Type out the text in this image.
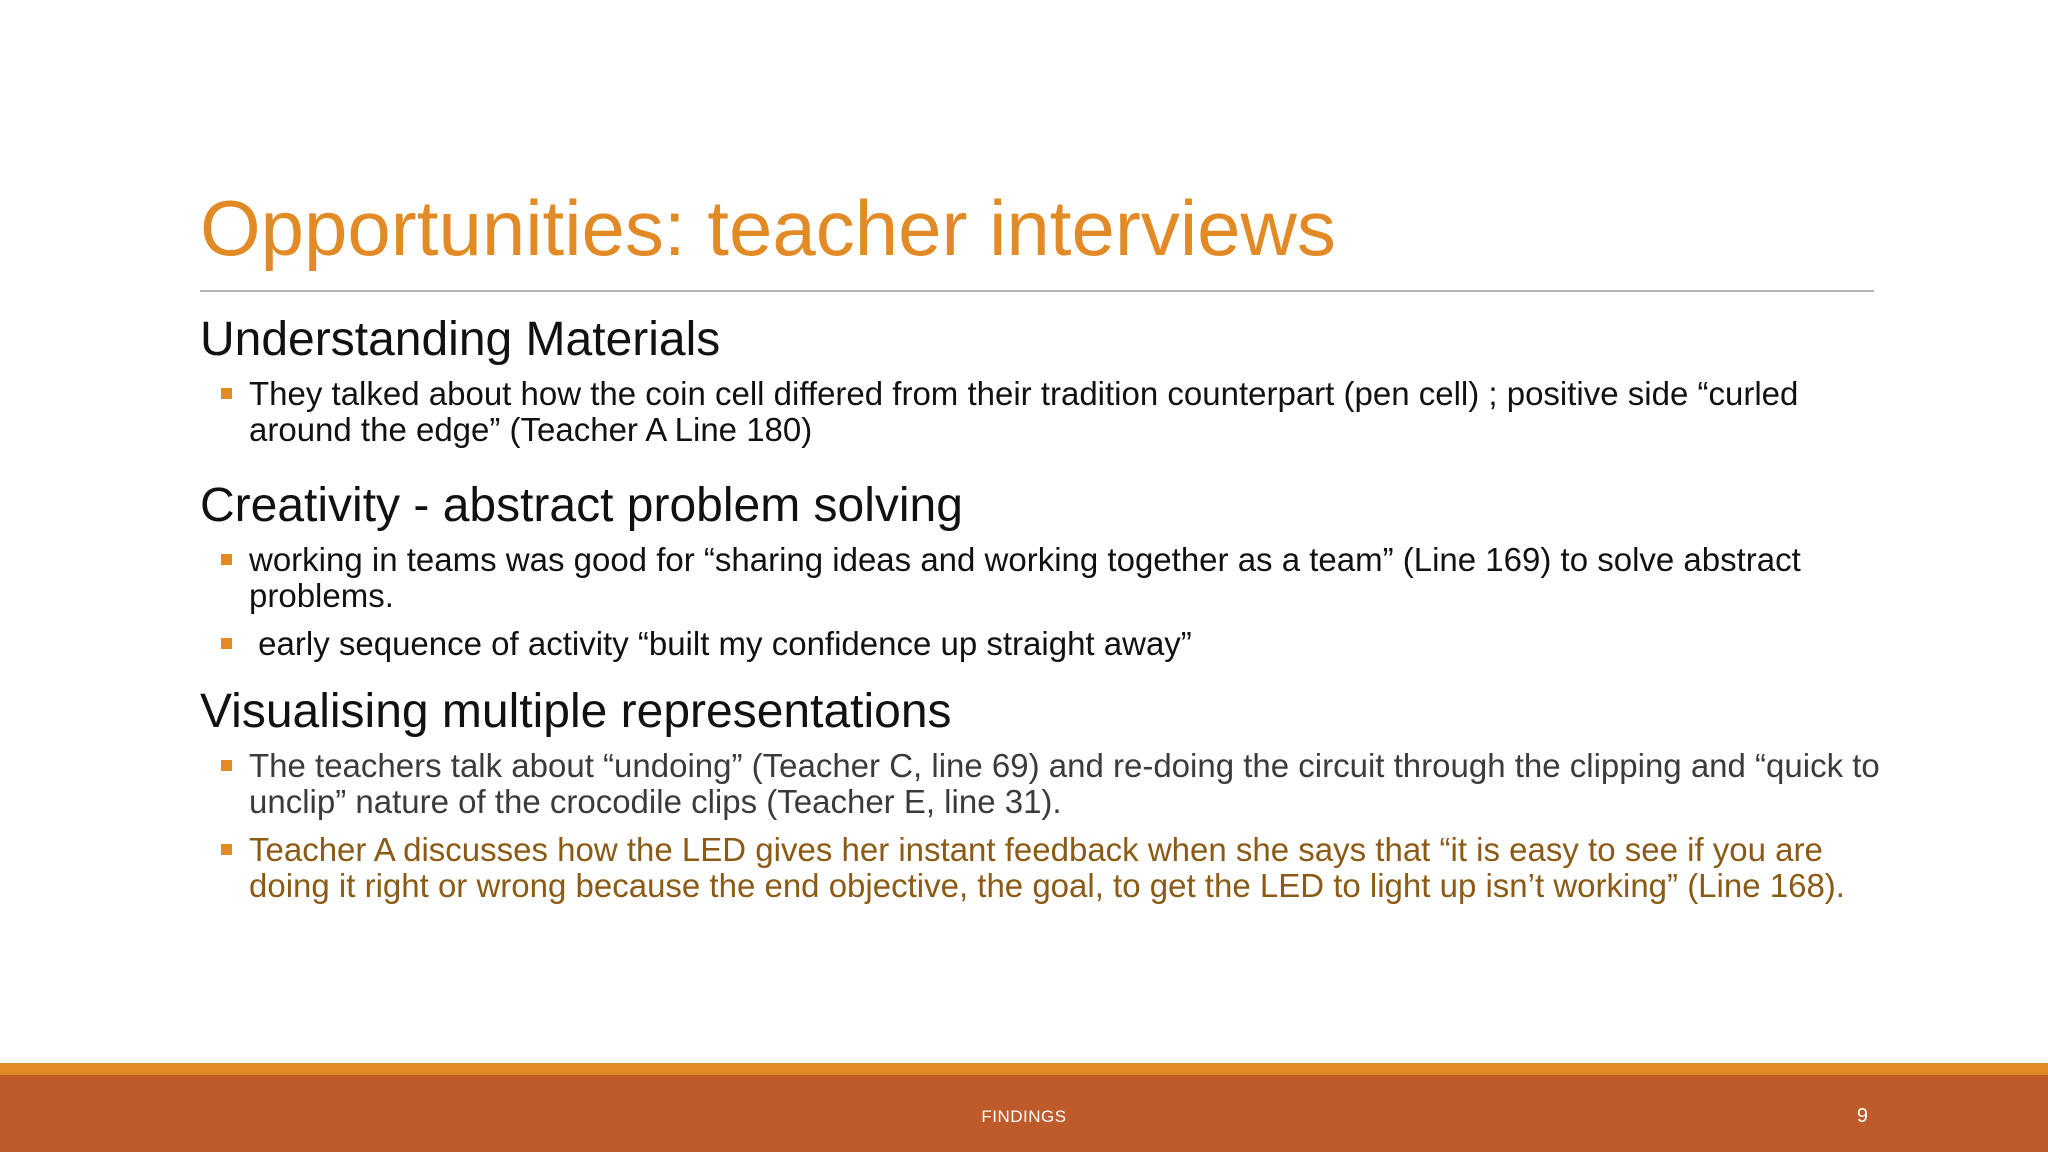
Opportunities: teacher interviews
Understanding Materials
They talked about how the coin cell differed from their tradition counterpart (pen cell) ; positive side “curled around the edge” (Teacher A Line 180)
Creativity - abstract problem solving
working in teams was good for “sharing ideas and working together as a team” (Line 169) to solve abstract problems.
early sequence of activity “built my confidence up straight away”
Visualising multiple representations
The teachers talk about “undoing” (Teacher C, line 69) and re-doing the circuit through the clipping and “quick to unclip” nature of the crocodile clips (Teacher E, line 31).
Teacher A discusses how the LED gives her instant feedback when she says that “it is easy to see if you are doing it right or wrong because the end objective, the goal, to get the LED to light up isn’t working” (Line 168).
FINDINGS	9
